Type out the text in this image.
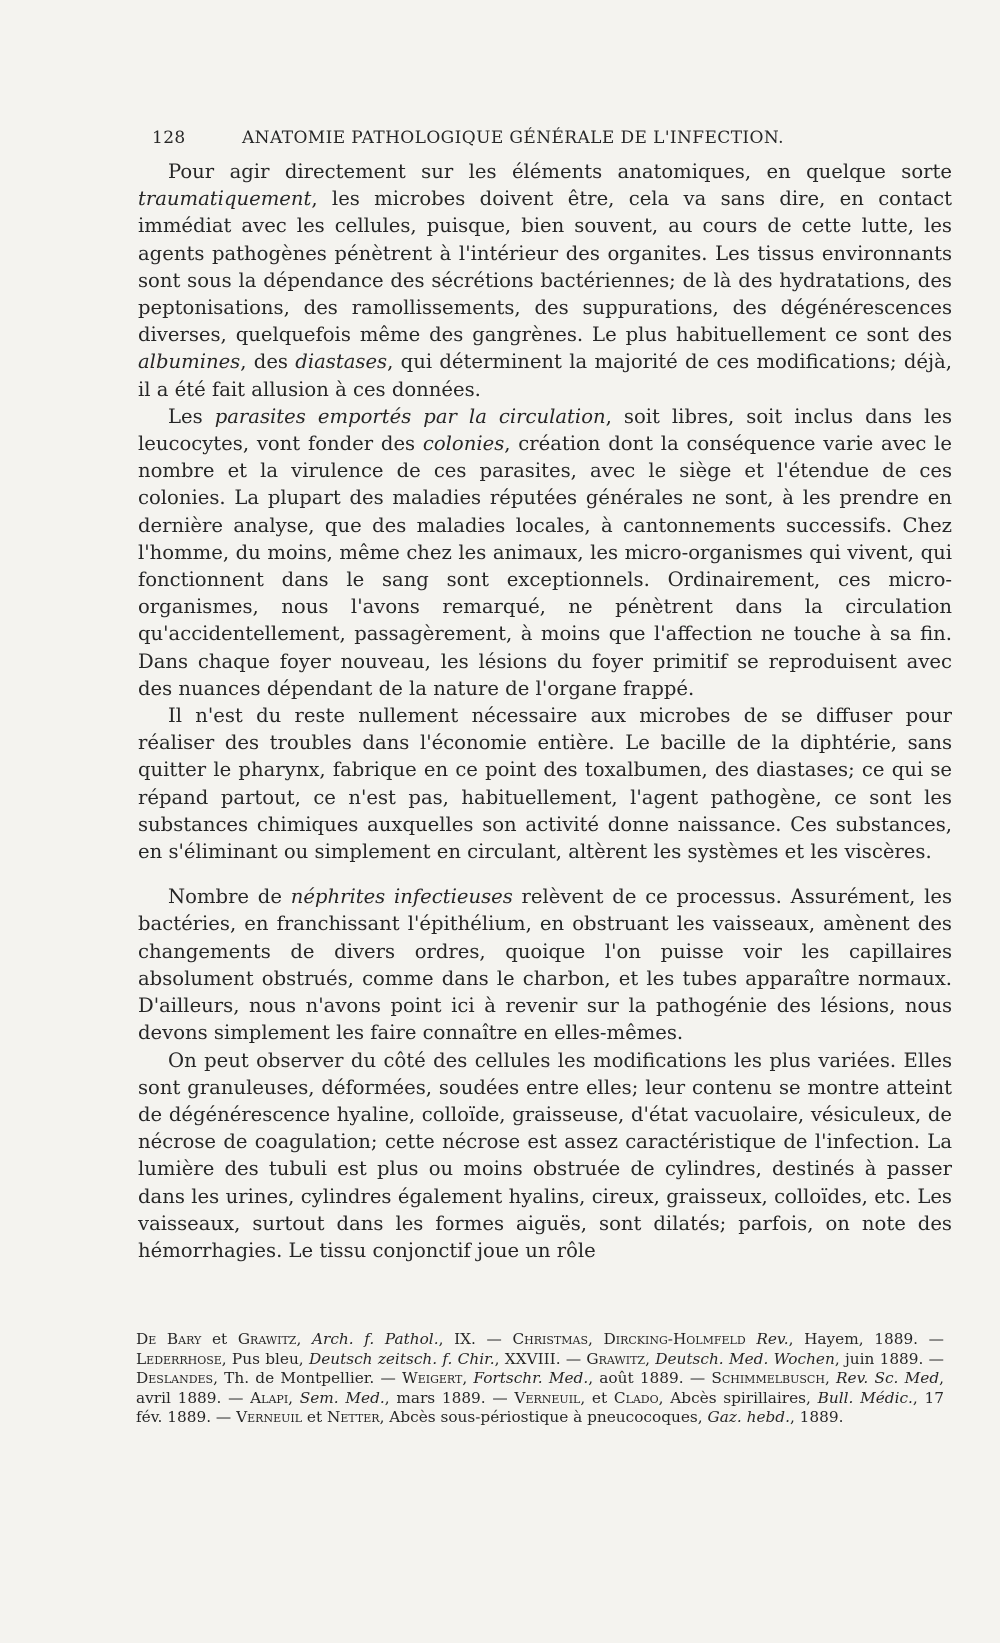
128	ANATOMIE PATHOLOGIQUE GÉNÉRALE DE L'INFECTION.

Pour agir directement sur les éléments anatomiques, en quelque sorte traumatiquement, les microbes doivent être, cela va sans dire, en contact immédiat avec les cellules, puisque, bien souvent, au cours de cette lutte, les agents pathogènes pénètrent à l'intérieur des organites. Les tissus environnants sont sous la dépendance des sécrétions bactériennes; de là des hydratations, des peptonisations, des ramollissements, des suppurations, des dégénérescences diverses, quelquefois même des gangrènes. Le plus habituellement ce sont des albumines, des diastases, qui déterminent la majorité de ces modifications; déjà, il a été fait allusion à ces données.

Les parasites emportés par la circulation, soit libres, soit inclus dans les leucocytes, vont fonder des colonies, création dont la conséquence varie avec le nombre et la virulence de ces parasites, avec le siège et l'étendue de ces colonies. La plupart des maladies réputées générales ne sont, à les prendre en dernière analyse, que des maladies locales, à cantonnements successifs. Chez l'homme, du moins, même chez les animaux, les micro-organismes qui vivent, qui fonctionnent dans le sang sont exceptionnels. Ordinairement, ces micro-organismes, nous l'avons remarqué, ne pénètrent dans la circulation qu'accidentellement, passagèrement, à moins que l'affection ne touche à sa fin. Dans chaque foyer nouveau, les lésions du foyer primitif se reproduisent avec des nuances dépendant de la nature de l'organe frappé.

Il n'est du reste nullement nécessaire aux microbes de se diffuser pour réaliser des troubles dans l'économie entière. Le bacille de la diphtérie, sans quitter le pharynx, fabrique en ce point des toxalbumen, des diastases; ce qui se répand partout, ce n'est pas, habituellement, l'agent pathogène, ce sont les substances chimiques auxquelles son activité donne naissance. Ces substances, en s'éliminant ou simplement en circulant, altèrent les systèmes et les viscères.

Nombre de néphrites infectieuses relèvent de ce processus. Assurément, les bactéries, en franchissant l'épithélium, en obstruant les vaisseaux, amènent des changements de divers ordres, quoique l'on puisse voir les capillaires absolument obstrués, comme dans le charbon, et les tubes apparaître normaux. D'ailleurs, nous n'avons point ici à revenir sur la pathogénie des lésions, nous devons simplement les faire connaître en elles-mêmes.

On peut observer du côté des cellules les modifications les plus variées. Elles sont granuleuses, déformées, soudées entre elles; leur contenu se montre atteint de dégénérescence hyaline, colloïde, graisseuse, d'état vacuolaire, vésiculeux, de nécrose de coagulation; cette nécrose est assez caractéristique de l'infection. La lumière des tubuli est plus ou moins obstruée de cylindres, destinés à passer dans les urines, cylindres également hyalins, cireux, graisseux, colloïdes, etc. Les vaisseaux, surtout dans les formes aiguës, sont dilatés; parfois, on note des hémorrhagies. Le tissu conjonctif joue un rôle

De Bary et Grawitz, Arch. f. Pathol., IX. — Christmas, Dircking-Holmfeld Rev., Hayem, 1889. — Lederrhose, Pus bleu, Deutsch zeitsch. f. Chir., XXVIII. — Grawitz, Deutsch. Med. Wochen, juin 1889. — Deslandes, Th. de Montpellier. — Weigert, Fortschr. Med., août 1889. — Schimmelbusch, Rev. Sc. Med, avril 1889. — Alapi, Sem. Med., mars 1889. — Verneuil, et Clado, Abcès spirillaires, Bull. Médic., 17 fév. 1889. — Verneuil et Netter, Abcès sous-périostique à pneucocoques, Gaz. hebd., 1889.
